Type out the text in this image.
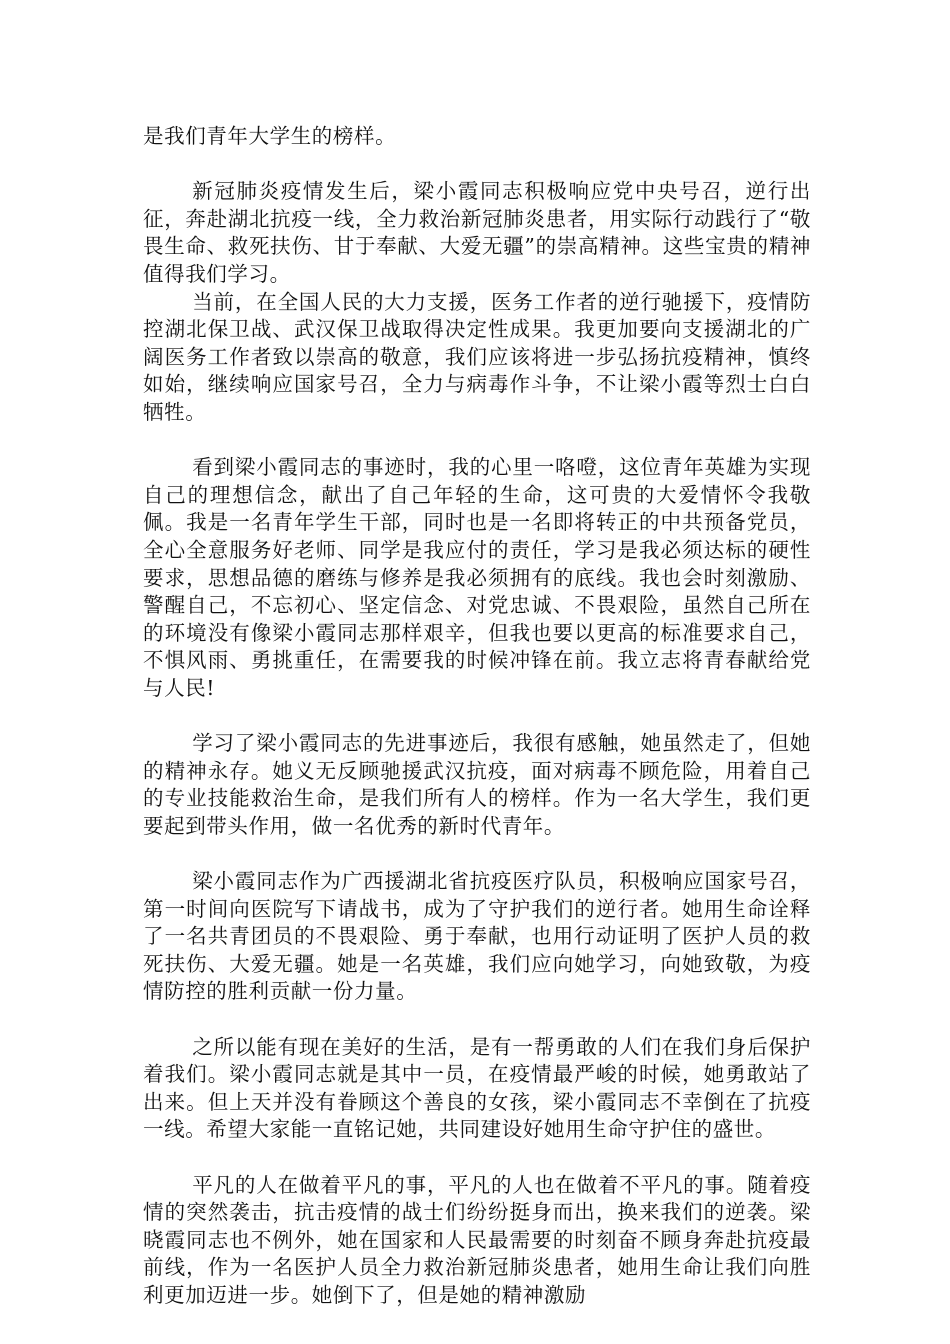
是我们青年大学生的榜样。

新冠肺炎疫情发生后，梁小霞同志积极响应党中央号召，逆行出征，奔赴湖北抗疫一线，全力救治新冠肺炎患者，用实际行动践行了“敬畏生命、救死扶伤、甘于奉献、大爱无疆”的崇高精神。这些宝贵的精神值得我们学习。

当前，在全国人民的大力支援，医务工作者的逆行驰援下，疫情防控湖北保卫战、武汉保卫战取得决定性成果。我更加要向支援湖北的广阔医务工作者致以崇高的敬意，我们应该将进一步弘扬抗疫精神，慎终如始，继续响应国家号召，全力与病毒作斗争，不让梁小霞等烈士白白牺牲。

看到梁小霞同志的事迹时，我的心里一咯噔，这位青年英雄为实现自己的理想信念，献出了自己年轻的生命，这可贵的大爱情怀令我敬佩。我是一名青年学生干部，同时也是一名即将转正的中共预备党员，全心全意服务好老师、同学是我应付的责任，学习是我必须达标的硬性要求，思想品德的磨练与修养是我必须拥有的底线。我也会时刻激励、警醒自己，不忘初心、坚定信念、对党忠诚、不畏艰险，虽然自己所在的环境没有像梁小霞同志那样艰辛，但我也要以更高的标准要求自己，不惧风雨、勇挑重任，在需要我的时候冲锋在前。我立志将青春献给党与人民!

学习了梁小霞同志的先进事迹后，我很有感触，她虽然走了，但她的精神永存。她义无反顾驰援武汉抗疫，面对病毒不顾危险，用着自己的专业技能救治生命，是我们所有人的榜样。作为一名大学生，我们更要起到带头作用，做一名优秀的新时代青年。

梁小霞同志作为广西援湖北省抗疫医疗队员，积极响应国家号召，第一时间向医院写下请战书，成为了守护我们的逆行者。她用生命诠释了一名共青团员的不畏艰险、勇于奉献，也用行动证明了医护人员的救死扶伤、大爱无疆。她是一名英雄，我们应向她学习，向她致敬，为疫情防控的胜利贡献一份力量。

之所以能有现在美好的生活，是有一帮勇敢的人们在我们身后保护着我们。梁小霞同志就是其中一员，在疫情最严峻的时候，她勇敢站了出来。但上天并没有眷顾这个善良的女孩，梁小霞同志不幸倒在了抗疫一线。希望大家能一直铭记她，共同建设好她用生命守护住的盛世。

平凡的人在做着平凡的事，平凡的人也在做着不平凡的事。随着疫情的突然袭击，抗击疫情的战士们纷纷挺身而出，换来我们的逆袭。梁晓霞同志也不例外，她在国家和人民最需要的时刻奋不顾身奔赴抗疫最前线，作为一名医护人员全力救治新冠肺炎患者，她用生命让我们向胜利更加迈进一步。她倒下了，但是她的精神激励
